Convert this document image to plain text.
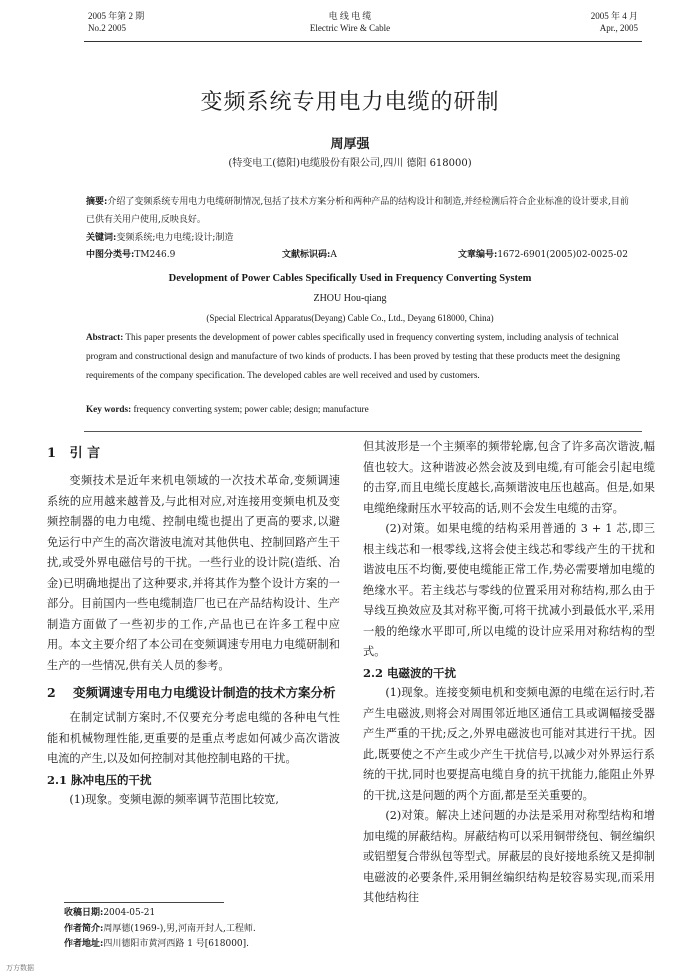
2005 年第 2 期
No.2 2005
电 线 电 缆
Electric Wire & Cable
2005 年 4 月
Apr., 2005
变频系统专用电力电缆的研制
周厚强
(特变电工(德阳)电缆股份有限公司,四川 德阳 618000)
摘要:介绍了变频系统专用电力电缆研制情况,包括了技术方案分析和两种产品的结构设计和制造,并经检测后符合企业标准的设计要求,目前已供有关用户使用,反映良好。
关键词:变频系统;电力电缆;设计;制造
中图分类号:TM246.9	文献标识码:A	文章编号:1672-6901(2005)02-0025-02
Development of Power Cables Specifically Used in Frequency Converting System
ZHOU Hou-qiang
(Special Electrical Apparatus(Deyang) Cable Co., Ltd., Deyang 618000, China)
Abstract: This paper presents the development of power cables specifically used in frequency converting system, including analysis of technical program and constructional design and manufacture of two kinds of products. I has been proved by testing that these products meet the designing requirements of the company specification. The developed cables are well received and used by customers.
Key words: frequency converting system; power cable; design; manufacture
1 引 言

变频技术是近年来机电领域的一次技术革命,变频调速系统的应用越来越普及,与此相对应,对连接用变频电机及变频控制器的电力电缆、控制电缆也提出了更高的要求,以避免运行中产生的高次谐波电流对其他供电、控制回路产生干扰,或受外界电磁信号的干扰。一些行业的设计院(造纸、冶金)已明确地提出了这种要求,并将其作为整个设计方案的一部分。目前国内一些电缆制造厂也已在产品结构设计、生产制造方面做了一些初步的工作,产品也已在许多工程中应用。本文主要介绍了本公司在变频调速专用电力电缆研制和生产的一些情况,供有关人员的参考。

2	变频调速专用电力电缆设计制造的技术方案分析

在制定试制方案时,不仅要充分考虑电缆的各种电气性能和机械物理性能,更重要的是重点考虑如何减少高次谐波电流的产生,以及如何控制对其他控制电路的干扰。

2.1 脉冲电压的干扰

(1)现象。变频电源的频率调节范围比较宽,

但其波形是一个主频率的频带轮廓,包含了许多高次谐波,幅值也较大。这种谐波必然会波及到电缆,有可能会引起电缆的击穿,而且电缆长度越长,高频谐波电压也越高。但是,如果电缆绝缘耐压水平较高的话,则不会发生电缆的击穿。

(2)对策。如果电缆的结构采用普通的 3 + 1 芯,即三根主线芯和一根零线,这将会使主线芯和零线产生的干扰和谐波电压不均衡,要使电缆能正常工作,势必需要增加电缆的绝缘水平。若主线芯与零线的位置采用对称结构,那么由于导线互换效应及其对称平衡,可将干扰减小到最低水平,采用一般的绝缘水平即可,所以电缆的设计应采用对称结构的型式。

2.2 电磁波的干扰

(1)现象。连接变频电机和变频电源的电缆在运行时,若产生电磁波,则将会对周围邻近地区通信工具或调幅接受器产生严重的干扰;反之,外界电磁波也可能对其进行干扰。因此,既要使之不产生或少产生干扰信号,以减少对外界运行系统的干扰,同时也要提高电缆自身的抗干扰能力,能阻止外界的干扰,这是问题的两个方面,都是至关重要的。

(2)对策。解决上述问题的办法是采用对称型结构和增加电缆的屏蔽结构。屏蔽结构可以采用铜带绕包、铜丝编织或铝塑复合带纵包等型式。屏蔽层的良好接地系统又是抑制电磁波的必要条件,采用铜丝编织结构是较容易实现,而采用其他结构往

收稿日期:2004-05-21
作者简介:周厚德(1969-),男,河南开封人,工程师.
作者地址:四川德阳市黄河西路 1 号[618000].
万方数据
